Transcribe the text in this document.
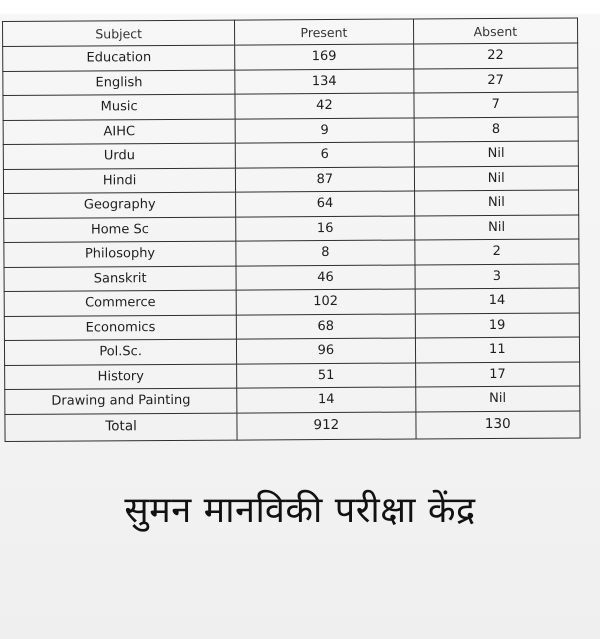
Subject	Present	Absent
Education	169	22
English	134	27
Music	42	7
AIHC	9	8
Urdu	6	Nil
Hindi	87	Nil
Geography	64	Nil
Home Sc	16	Nil
Philosophy	8	2
Sanskrit	46	3
Commerce	102	14
Economics	68	19
Pol.Sc.	96	11
History	51	17
Drawing and Painting	14	Nil
Total	912	130
सुमन मानविकी परीक्षा केंद्र
